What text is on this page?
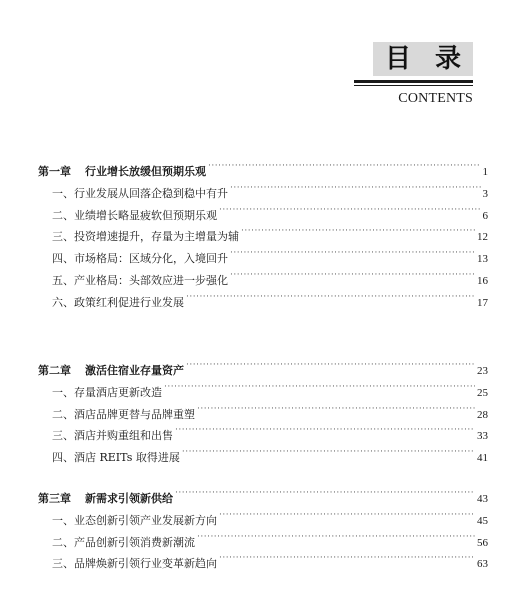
目 录
CONTENTS
第一章 行业增长放缓但预期乐观 ·····	1
一、行业发展从回落企稳到稳中有升 ·····	3
二、业绩增长略显疲软但预期乐观 ·····	6
三、投资增速提升，存量为主增量为辅 ·····	12
四、市场格局：区域分化，入境回升 ·····	13
五、产业格局：头部效应进一步强化 ·····	16
六、政策红利促进行业发展 ·····	17
第二章 激活住宿业存量资产 ·····	23
一、存量酒店更新改造 ·····	25
二、酒店品牌更替与品牌重塑 ·····	28
三、酒店并购重组和出售 ·····	33
四、酒店 REITs 取得进展 ·····	41
第三章 新需求引领新供给 ·····	43
一、业态创新引领产业发展新方向 ·····	45
二、产品创新引领消费新潮流 ·····	56
三、品牌焕新引领行业变革新趋向 ·····	63
